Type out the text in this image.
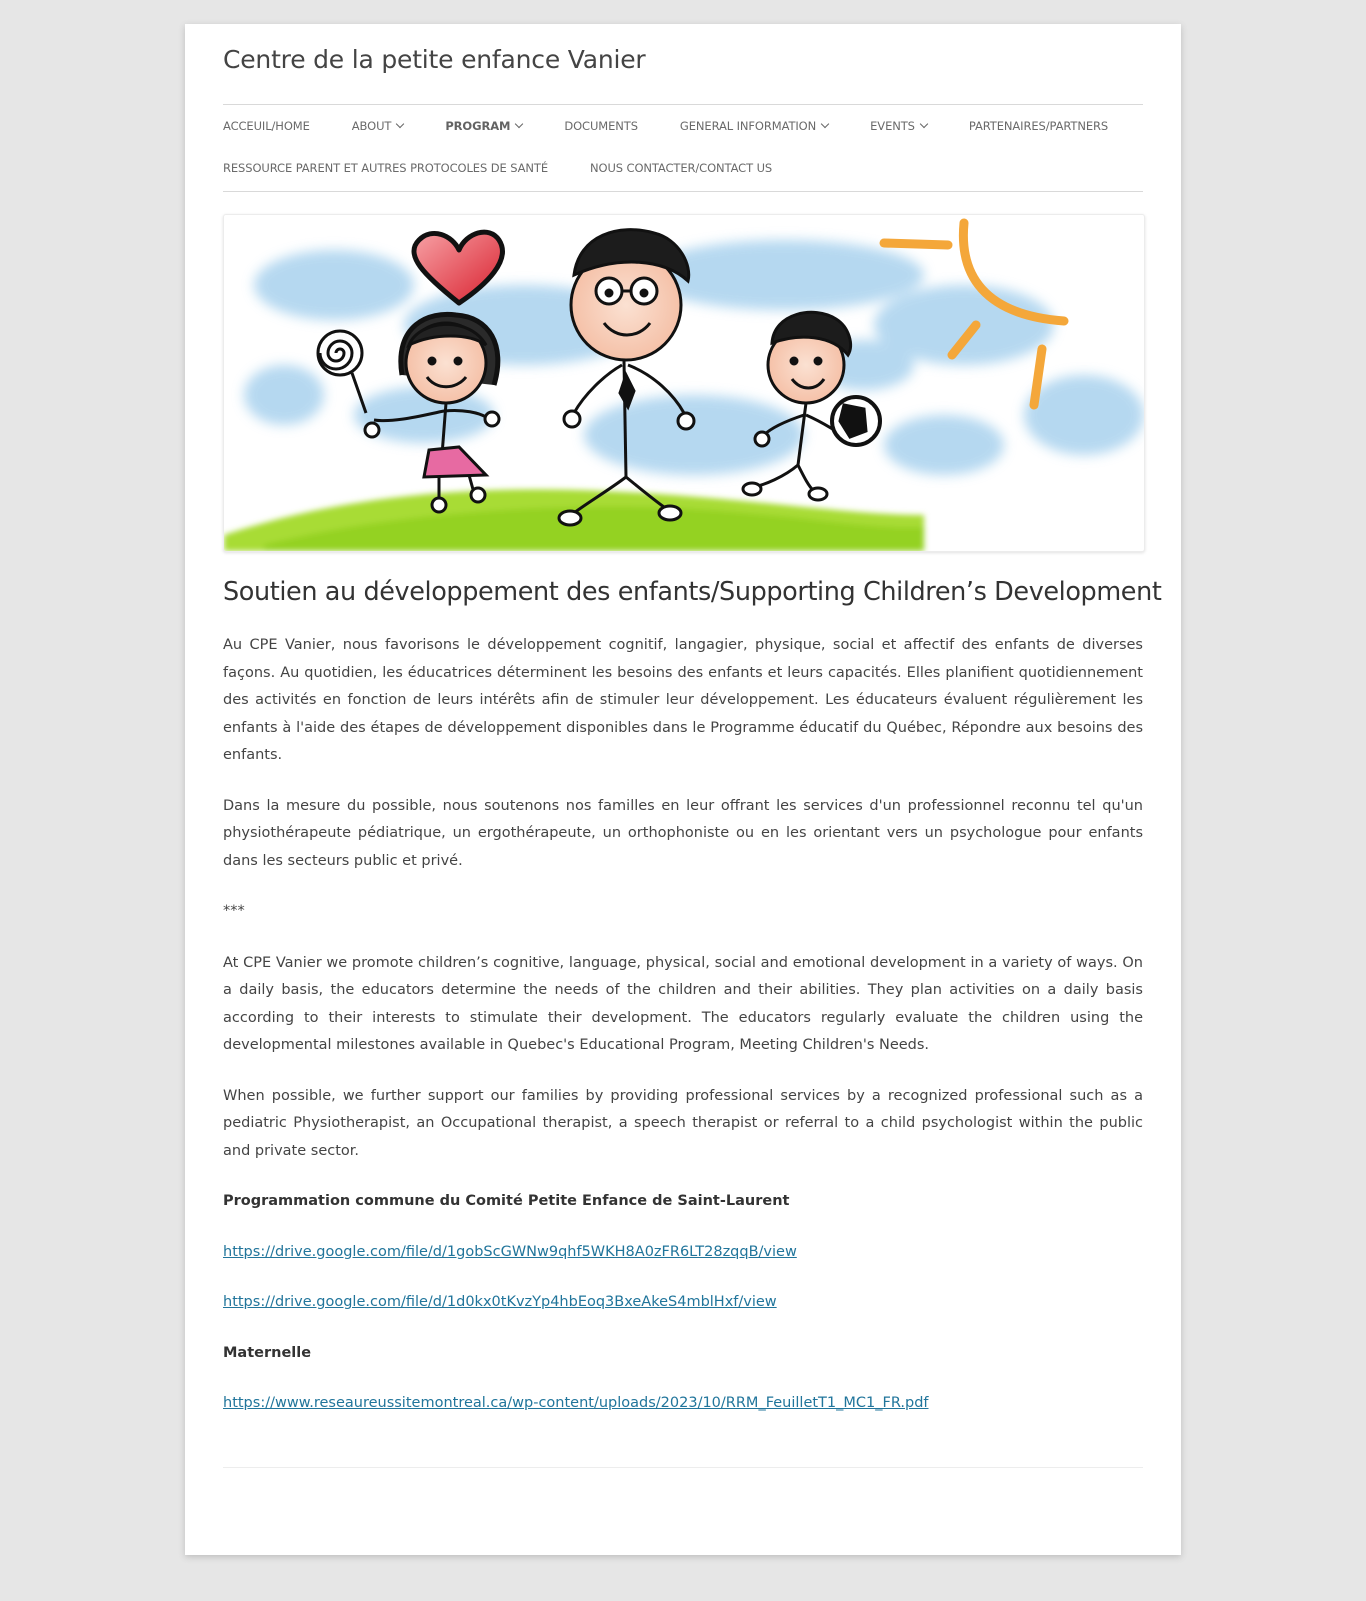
Centre de la petite enfance Vanier
ACCEUIL/HOME	ABOUT	PROGRAM	DOCUMENTS	GENERAL INFORMATION	EVENTS	PARTENAIRES/PARTNERS
RESSOURCE PARENT ET AUTRES PROTOCOLES DE SANTÉ	NOUS CONTACTER/CONTACT US
Soutien au développement des enfants/Supporting Children’s Development

Au CPE Vanier, nous favorisons le développement cognitif, langagier, physique, social et affectif des enfants de diverses façons. Au quotidien, les éducatrices déterminent les besoins des enfants et leurs capacités. Elles planifient quotidiennement des activités en fonction de leurs intérêts afin de stimuler leur développement. Les éducateurs évaluent régulièrement les enfants à l'aide des étapes de développement disponibles dans le Programme éducatif du Québec, Répondre aux besoins des enfants.

Dans la mesure du possible, nous soutenons nos familles en leur offrant les services d'un professionnel reconnu tel qu'un physiothérapeute pédiatrique, un ergothérapeute, un orthophoniste ou en les orientant vers un psychologue pour enfants dans les secteurs public et privé.

***

At CPE Vanier we promote children’s cognitive, language, physical, social and emotional development in a variety of ways. On a daily basis, the educators determine the needs of the children and their abilities. They plan activities on a daily basis according to their interests to stimulate their development. The educators regularly evaluate the children using the developmental milestones available in Quebec's Educational Program, Meeting Children's Needs.

When possible, we further support our families by providing professional services by a recognized professional such as a pediatric Physiotherapist, an Occupational therapist, a speech therapist or referral to a child psychologist within the public and private sector.

Programmation commune du Comité Petite Enfance de Saint-Laurent

https://drive.google.com/file/d/1gobScGWNw9qhf5WKH8A0zFR6LT28zqqB/view

https://drive.google.com/file/d/1d0kx0tKvzYp4hbEoq3BxeAkeS4mblHxf/view

Maternelle

https://www.reseaureussitemontreal.ca/wp-content/uploads/2023/10/RRM_FeuilletT1_MC1_FR.pdf
